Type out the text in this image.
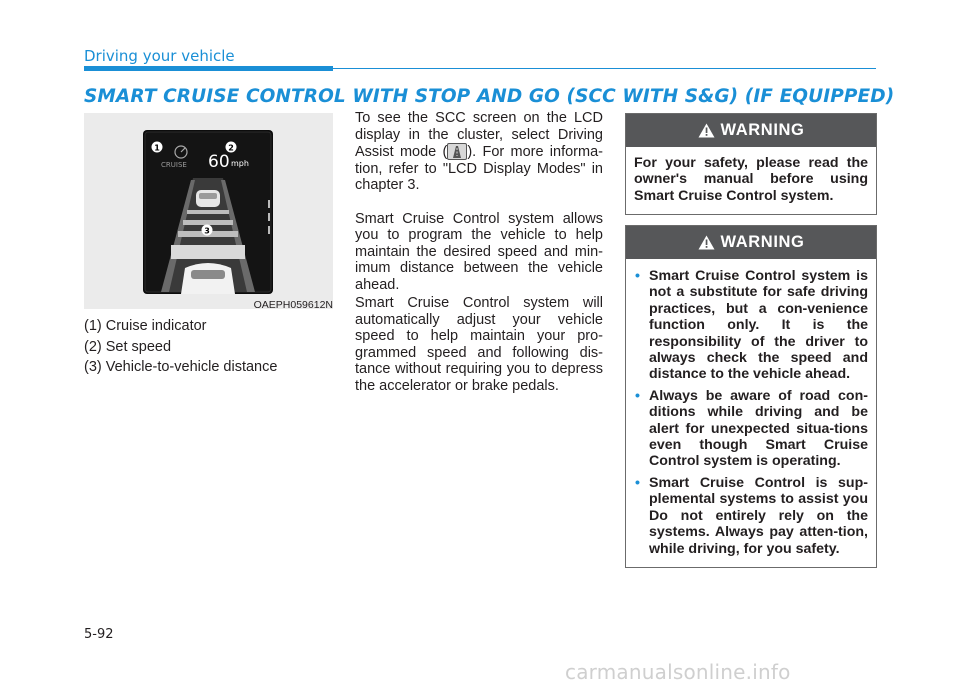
Driving your vehicle
SMART CRUISE CONTROL WITH STOP AND GO (SCC WITH S&G) (IF EQUIPPED)
OAEPH059612N
CRUISE 60 mph
1	2
3
(1) Cruise indicator
(2) Set speed
(3) Vehicle-to-vehicle distance

To see the SCC screen on the LCD display in the cluster, select Driving Assist mode ( ). For more informa-tion, refer to "LCD Display Modes" in chapter 3.

Smart Cruise Control system allows you to program the vehicle to help maintain the desired speed and min-imum distance between the vehicle ahead.

Smart Cruise Control system will automatically adjust your vehicle speed to help maintain your pro-grammed speed and following dis-tance without requiring you to depress the accelerator or brake pedals.

WARNING
For your safety, please read the owner's manual before using Smart Cruise Control system.
WARNING
• Smart Cruise Control system is not a substitute for safe driving practices, but a con-venience function only. It is the responsibility of the driver to always check the speed and distance to the vehicle ahead.
• Always be aware of road con-ditions while driving and be alert for unexpected situa-tions even though Smart Cruise Control system is operating.
• Smart Cruise Control is sup-plemental systems to assist you Do not entirely rely on the systems. Always pay atten-tion, while driving, for you safety.
5-92
carmanualsonline.info
